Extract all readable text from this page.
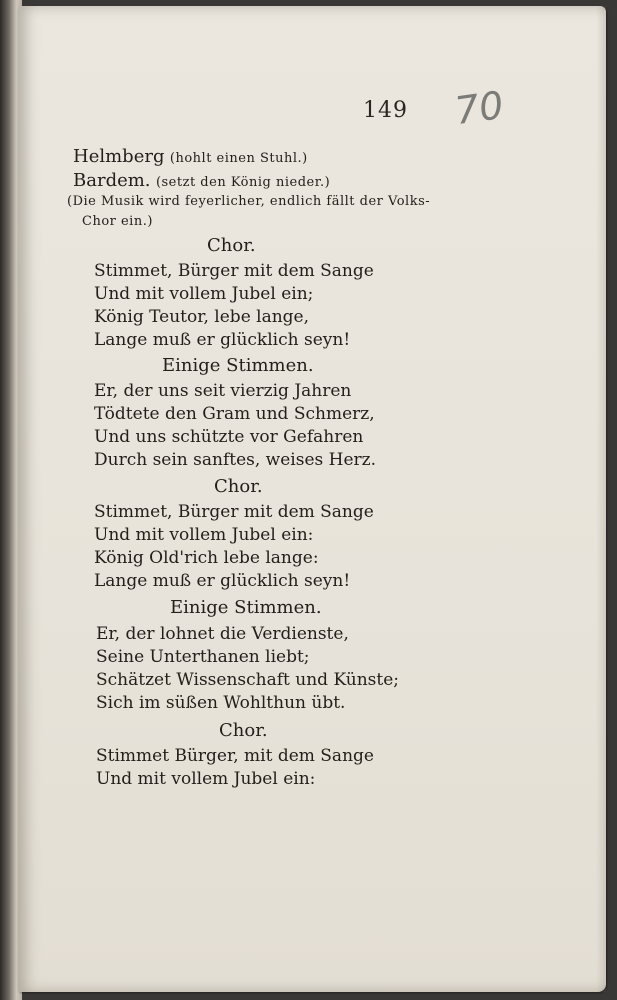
149 70
Helmberg (hohlt einen Stuhl.)
Bardem. (setzt den König nieder.)
(Die Musik wird feyerlicher, endlich fällt der Volks-
Chor ein.)
Chor.
Stimmet, Bürger mit dem Sange
Und mit vollem Jubel ein;
König Teutor, lebe lange,
Lange muß er glücklich seyn!
Einige Stimmen.
Er, der uns seit vierzig Jahren
Tödtete den Gram und Schmerz,
Und uns schützte vor Gefahren
Durch sein sanftes, weises Herz.
Chor.
Stimmet, Bürger mit dem Sange
Und mit vollem Jubel ein:
König Old'rich lebe lange:
Lange muß er glücklich seyn!
Einige Stimmen.
Er, der lohnet die Verdienste,
Seine Unterthanen liebt;
Schätzet Wissenschaft und Künste;
Sich im süßen Wohlthun übt.
Chor.
Stimmet Bürger, mit dem Sange
Und mit vollem Jubel ein:
